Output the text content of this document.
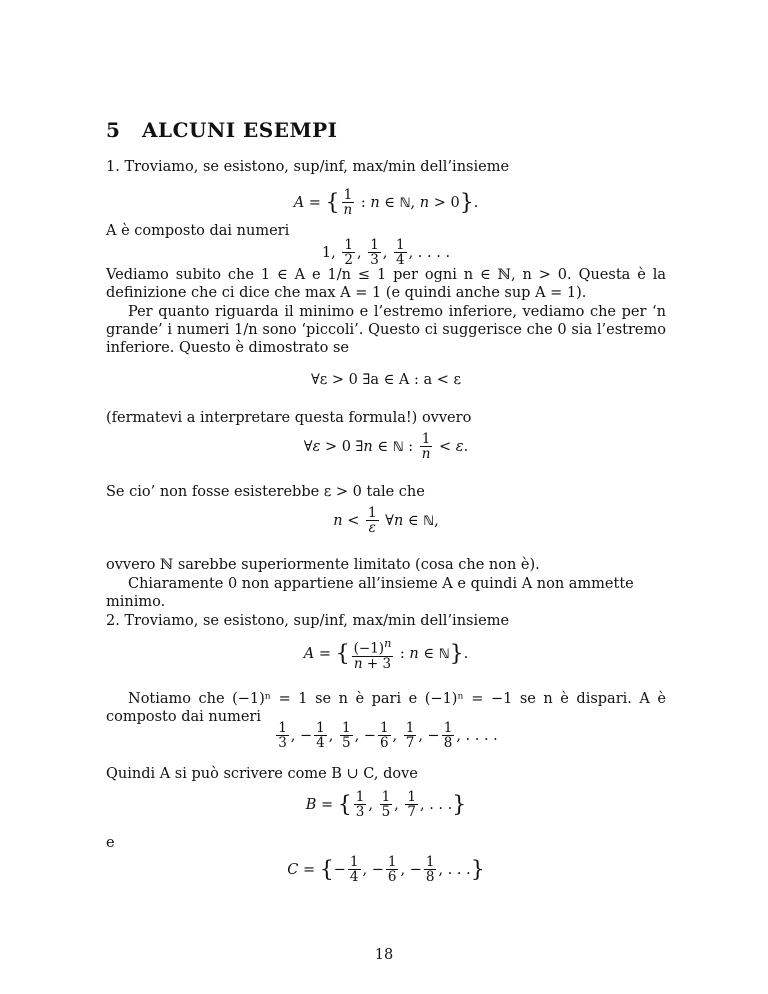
5 ALCUNI ESEMPI
1. Troviamo, se esistono, sup/inf, max/min dell’insieme
A = { $\frac{1}{n}$ : n ∈ ℕ, n > 0}.
A è composto dai numeri
1, $\frac{1}{2}$ , $\frac{1}{3}$ , $\frac{1}{4}$ , . . . .
Vediamo subito che 1 ∈ A e 1/n ≤ 1 per ogni n ∈ ℕ, n > 0. Questa è la definizione che ci dice che max A = 1 (e quindi anche sup A = 1).
Per quanto riguarda il minimo e l’estremo inferiore, vediamo che per ‘n grande’ i numeri 1/n sono ‘piccoli’. Questo ci suggerisce che 0 sia l’estremo inferiore. Questo è dimostrato se
∀ε > 0 ∃a ∈ A : a < ε
(fermatevi a interpretare questa formula!) ovvero
∀ε > 0 ∃n ∈ ℕ : $\frac{1}{n} < \varepsilon$.
Se cio’ non fosse esisterebbe ε > 0 tale che
$n < \frac{1}{\varepsilon}$ ∀n ∈ ℕ,
ovvero ℕ sarebbe superiormente limitato (cosa che non è).
Chiaramente 0 non appartiene all’insieme A e quindi A non ammette minimo.
2. Troviamo, se esistono, sup/inf, max/min dell’insieme
A = { $\frac{(-1)^n}{n + 3}$ : n ∈ ℕ}.
Notiamo che (−1)ⁿ = 1 se n è pari e (−1)ⁿ = −1 se n è dispari. A è composto dai numeri
$\frac{1}{3}$ , − $\frac{1}{4}$ , $\frac{1}{5}$ , − $\frac{1}{6}$ , $\frac{1}{7}$ , − $\frac{1}{8}$ , . . . .
Quindi A si può scrivere come B ∪ C, dove
B = { $\frac{1}{3}$ , $\frac{1}{5}$ , $\frac{1}{7}$ , . . .}
e
C = {− $\frac{1}{4}$ , − $\frac{1}{6}$ , − $\frac{1}{8}$ , . . .}
18
